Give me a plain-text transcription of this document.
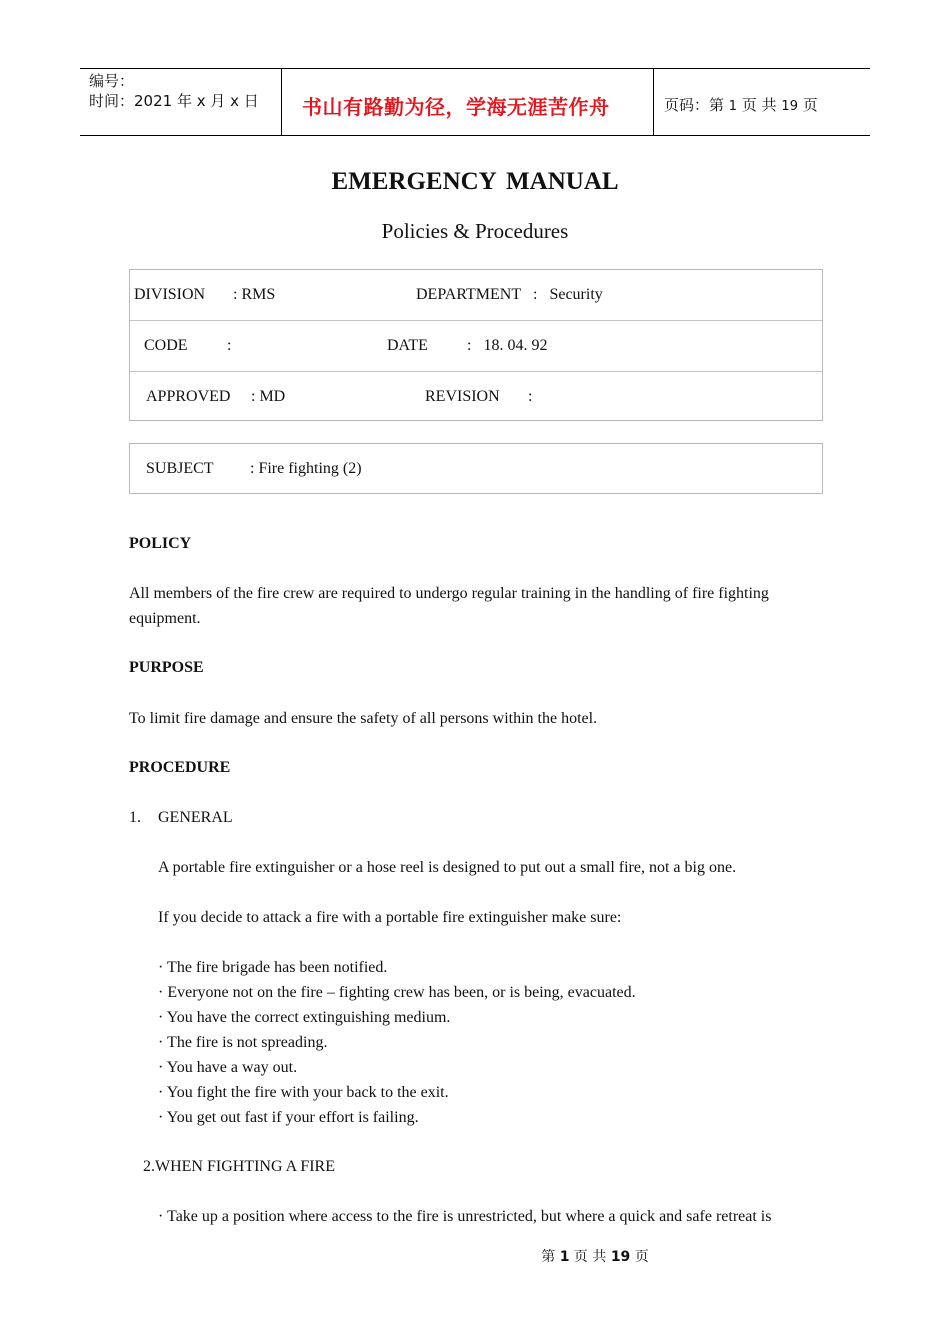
编号：
时间：2021 年 x 月 x 日	书山有路勤为径，学海无涯苦作舟	页码：第 1 页 共 19 页
EMERGENCY MANUAL
Policies & Procedures
DIVISION : RMS	DEPARTMENT :   Security
CODE :	DATE :   18. 04. 92
APPROVED : MD	REVISION :
SUBJECT : Fire fighting (2)
POLICY
All members of the fire crew are required to undergo regular training in the handling of fire fighting
equipment.
PURPOSE
To limit fire damage and ensure the safety of all persons within the hotel.
PROCEDURE
1. GENERAL
A portable fire extinguisher or a hose reel is designed to put out a small fire, not a big one.
If you decide to attack a fire with a portable fire extinguisher make sure:
· The fire brigade has been notified.
· Everyone not on the fire – fighting crew has been, or is being, evacuated.
· You have the correct extinguishing medium.
· The fire is not spreading.
· You have a way out.
· You fight the fire with your back to the exit.
· You get out fast if your effort is failing.
2.WHEN FIGHTING A FIRE
· Take up a position where access to the fire is unrestricted, but where a quick and safe retreat is
第 1 页 共 19 页
